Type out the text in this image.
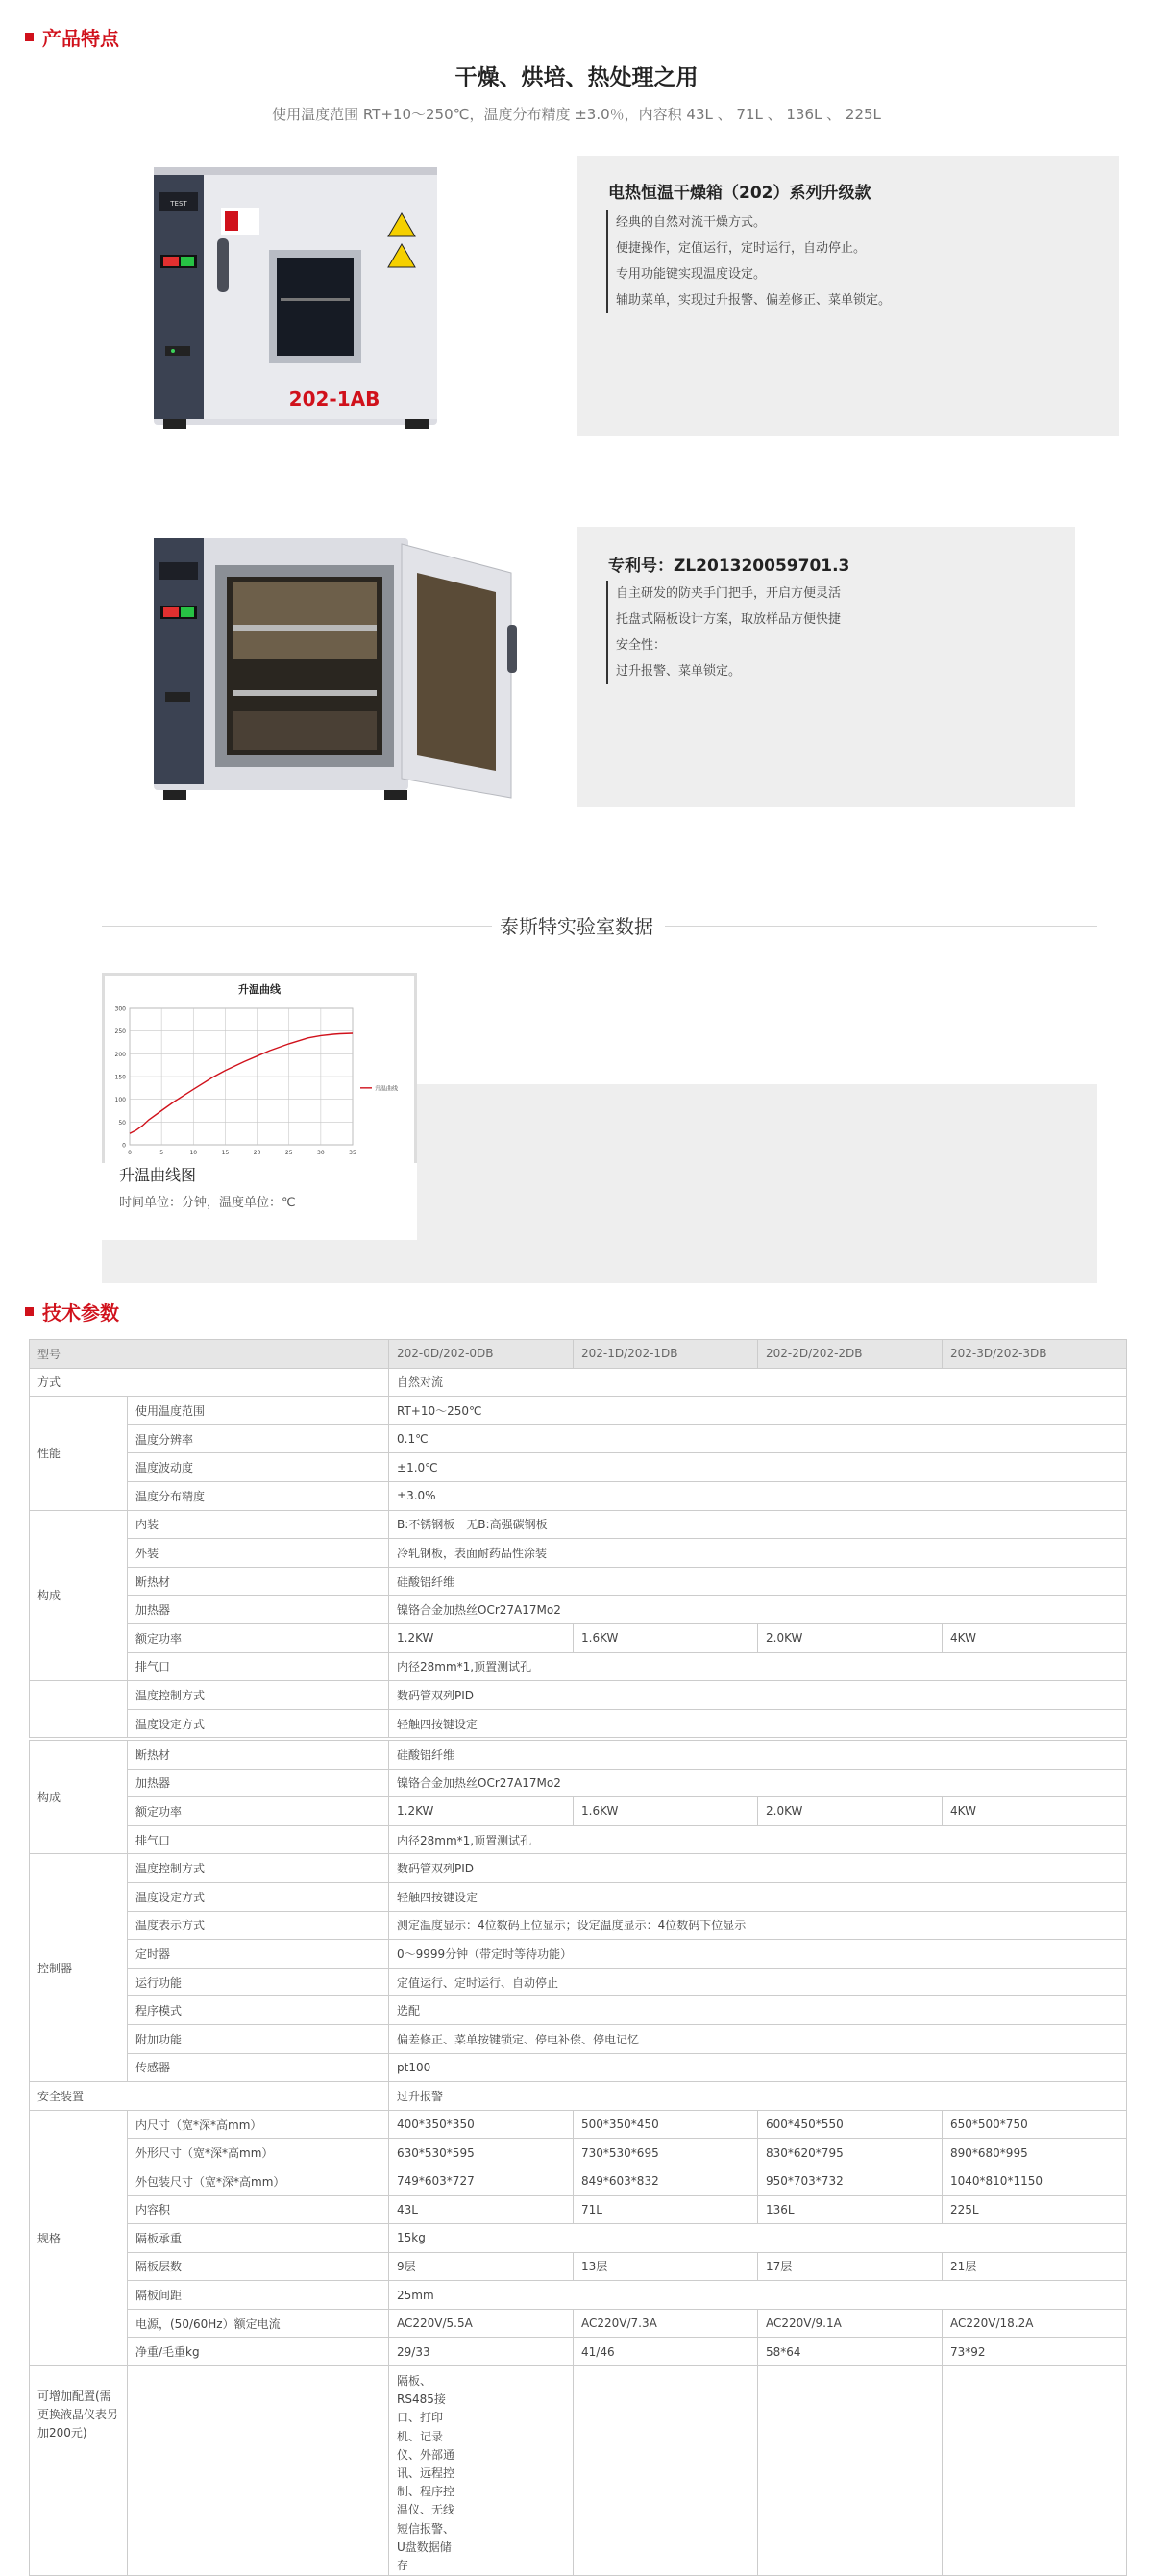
产品特点
干燥、烘培、热处理之用
使用温度范围 RT+10～250℃，温度分布精度 ±3.0％，内容积 43L 、 71L 、 136L 、 225L
TEST
202-1AB
电热恒温干燥箱（202）系列升级款
经典的自然对流干燥方式。
便捷操作，定值运行，定时运行，自动停止。
专用功能键实现温度设定。
辅助菜单，实现过升报警、偏差修正、菜单锁定。
专利号：ZL201320059701.3
自主研发的防夹手门把手，开启方便灵活
托盘式隔板设计方案，取放样品方便快捷
安全性：
过升报警、菜单锁定。
泰斯特实验室数据
升温曲线
0
50
100
150
200
250
300
0	5	10	15	20	25	30	35
升温曲线
升温曲线图
时间单位：分钟，温度单位：℃
技术参数
型号		202-0D/202-0DB	202-1D/202-1DB	202-2D/202-2DB	202-3D/202-3DB
方式		自然对流			
性能	使用温度范围	RT+10～250℃			
	温度分辨率	0.1℃			
	温度波动度	±1.0℃			
	温度分布精度	±3.0%			
构成	内装	B:不锈钢板　无B:高强碳钢板			
	外装	冷轧钢板，表面耐药品性涂装			
	断热材	硅酸铝纤维			
	加热器	镍铬合金加热丝OCr27A17Mo2			
	额定功率	1.2KW	1.6KW	2.0KW	4KW
	排气口	内径28mm*1,顶置测试孔			
	温度控制方式	数码管双列PID			
	温度设定方式	轻触四按键设定			
构成	断热材	硅酸铝纤维			
	加热器	镍铬合金加热丝OCr27A17Mo2			
	额定功率	1.2KW	1.6KW	2.0KW	4KW
	排气口	内径28mm*1,顶置测试孔			
控制器	温度控制方式	数码管双列PID			
	温度设定方式	轻触四按键设定			
	温度表示方式	测定温度显示：4位数码上位显示；设定温度显示：4位数码下位显示			
	定时器	0～9999分钟（带定时等待功能）			
	运行功能	定值运行、定时运行、自动停止			
	程序模式	选配			
	附加功能	偏差修正、菜单按键锁定、停电补偿、停电记忆			
	传感器	pt100			
安全装置		过升报警			
规格	内尺寸（宽*深*高mm）	400*350*350	500*350*450	600*450*550	650*500*750
	外形尺寸（宽*深*高mm）	630*530*595	730*530*695	830*620*795	890*680*995
	外包装尺寸（宽*深*高mm）	749*603*727	849*603*832	950*703*732	1040*810*1150
	内容积	43L	71L	136L	225L
	隔板承重	15kg			
	隔板层数	9层	13层	17层	21层
	隔板间距	25mm			
	电源，(50/60Hz）额定电流	AC220V/5.5A	AC220V/7.3A	AC220V/9.1A	AC220V/18.2A
	净重/毛重kg	29/33	41/46	58*64	73*92
可增加配置(需更换液晶仪表另加200元)		隔板、RS485接口、打印机、记录仪、外部通讯、远程控制、程序控温仪、无线短信报警、U盘数据储存			
